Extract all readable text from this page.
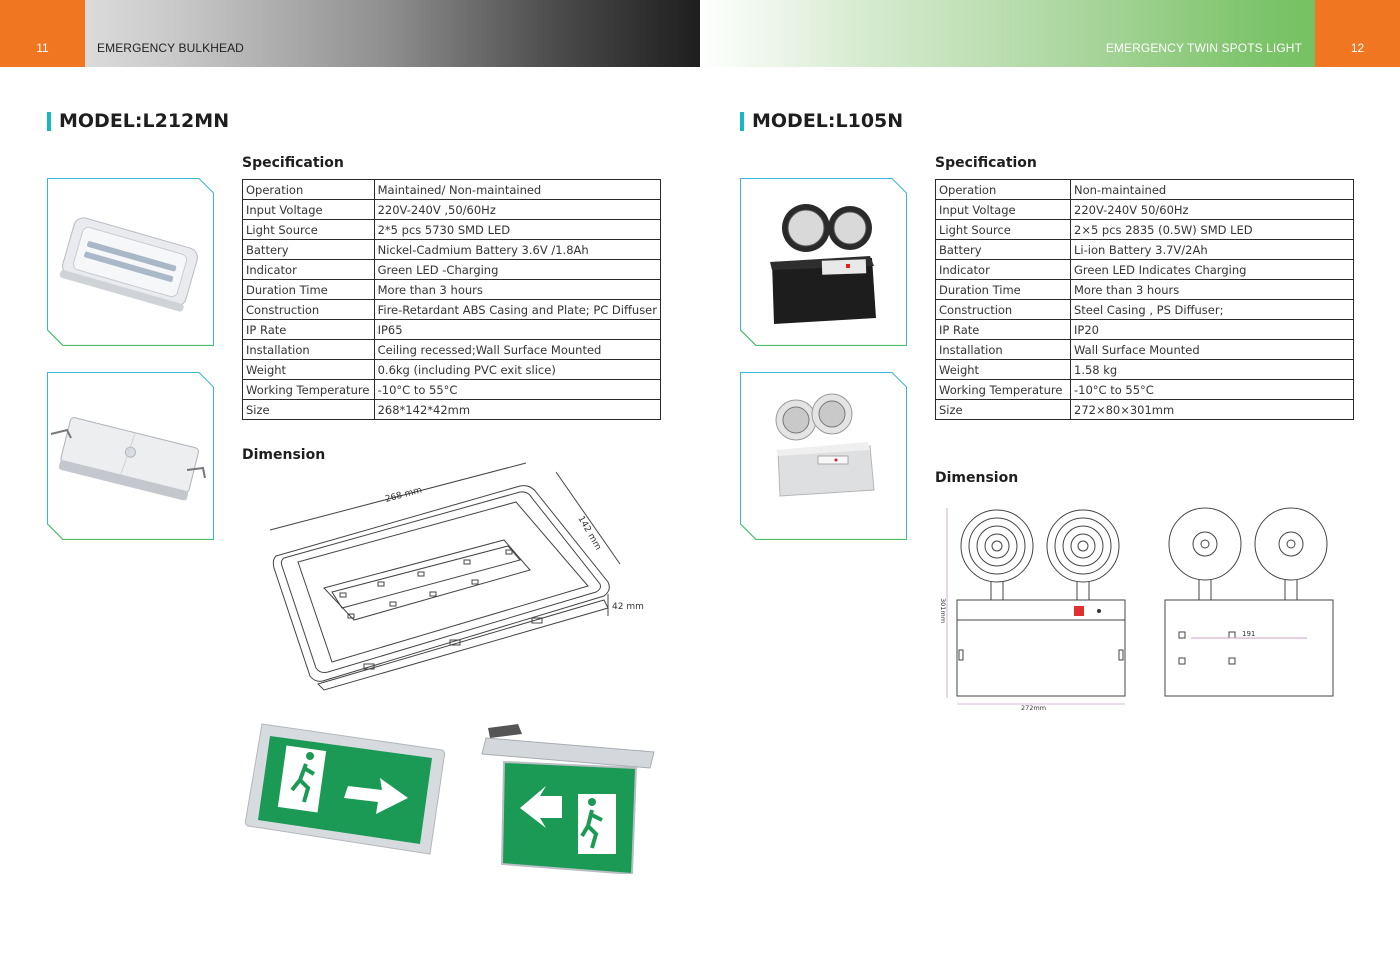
11	EMERGENCY BULKHEAD	12
EMERGENCY TWIN SPOTS LIGHT
MODEL:L212MN
Specification
Operation	Maintained/ Non-maintained
Input Voltage	220V-240V ,50/60Hz
Light Source	2*5 pcs 5730 SMD LED
Battery	Nickel-Cadmium Battery 3.6V /1.8Ah
Indicator	Green LED -Charging
Duration Time	More than 3 hours
Construction	Fire-Retardant ABS Casing and Plate; PC Diffuser
IP Rate	IP65
Installation	Ceiling recessed;Wall Surface Mounted
Weight	0.6kg (including PVC exit slice)
Working Temperature	-10°C to 55°C
Size	268*142*42mm
Dimension
268 mm
142 mm
42 mm
MODEL:L105N
Specification
Operation	Non-maintained
Input Voltage	220V-240V 50/60Hz
Light Source	2×5 pcs 2835 (0.5W) SMD LED
Battery	Li-ion Battery 3.7V/2Ah
Indicator	Green LED Indicates Charging
Duration Time	More than 3 hours
Construction	Steel Casing , PS Diffuser;
IP Rate	IP20
Installation	Wall Surface Mounted
Weight	1.58 kg
Working Temperature	-10°C to 55°C
Size	272×80×301mm
Dimension
301mm
272mm
191
